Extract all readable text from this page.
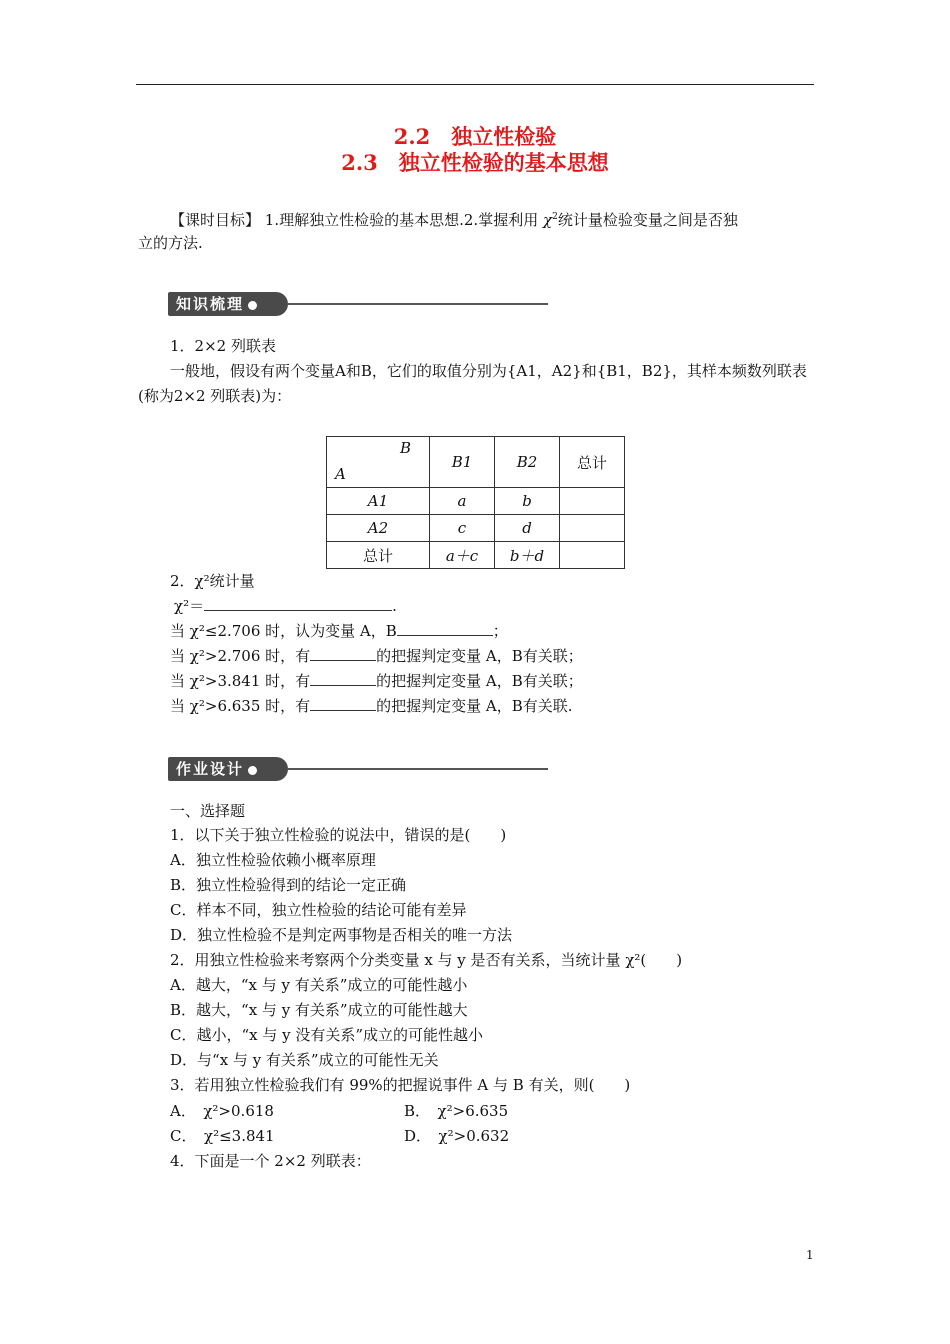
2.2　独立性检验
2.3　独立性检验的基本思想
【课时目标】 1.理解独立性检验的基本思想.2.掌握利用 $\chi^2$统计量检验变量之间是否独
立的方法.
知识梳理
1．2×2 列联表
一般地，假设有两个变量A和B，它们的取值分别为{A1，A2}和{B1，B2}，其样本频数列联表
(称为2×2 列联表)为：
B
A	B1	B2	总计
A1	a	b	
A2	c	d	
总计	a＋c	b＋d	
2．χ²统计量
χ²＝	.
当 χ²≤2.706 时，认为变量 A，B	；
当 χ²>2.706 时，有	的把握判定变量 A，B有关联；
当 χ²>3.841 时，有	的把握判定变量 A，B有关联；
当 χ²>6.635 时，有	的把握判定变量 A，B有关联.
作业设计
一、选择题
1．以下关于独立性检验的说法中，错误的是(　　)
A．独立性检验依赖小概率原理
B．独立性检验得到的结论一定正确
C．样本不同，独立性检验的结论可能有差异
D．独立性检验不是判定两事物是否相关的唯一方法
2．用独立性检验来考察两个分类变量 x 与 y 是否有关系，当统计量 χ²(　　)
A．越大，“x 与 y 有关系”成立的可能性越小
B．越大，“x 与 y 有关系”成立的可能性越大
C．越小，“x 与 y 没有关系”成立的可能性越小
D．与“x 与 y 有关系”成立的可能性无关
3．若用独立性检验我们有 99%的把握说事件 A 与 B 有关，则(　　)
A．　χ²>0.618	B．　χ²>6.635
C．　χ²≤3.841	D．　χ²>0.632
4．下面是一个 2×2 列联表：
1
